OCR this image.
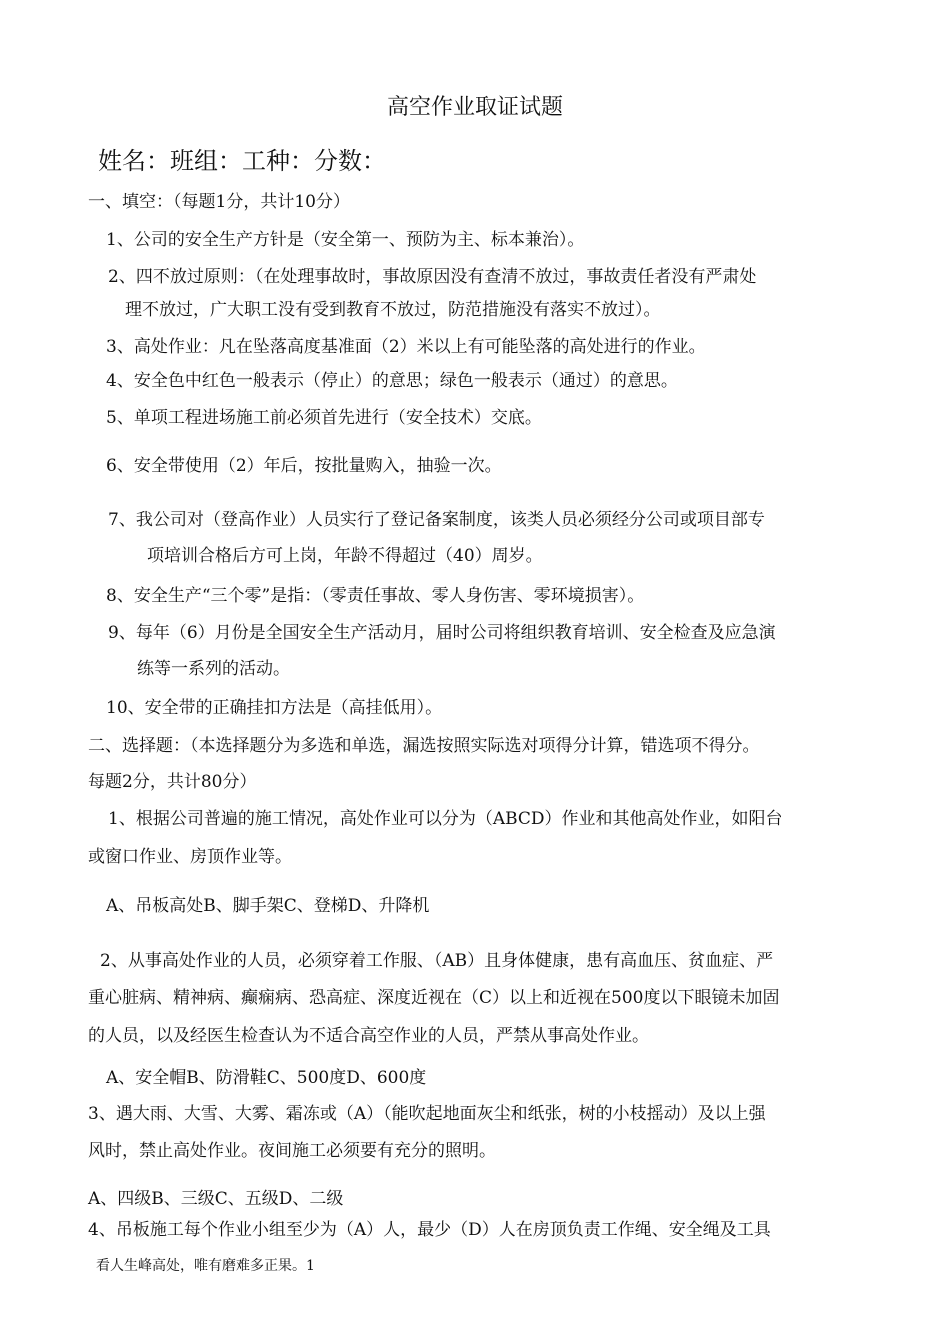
高空作业取证试题
姓名：班组：工种：分数：
一、填空：（每题1分，共计10分）
1、公司的安全生产方针是（安全第一、预防为主、标本兼治）。
2、四不放过原则：（在处理事故时，事故原因没有查清不放过，事故责任者没有严肃处
理不放过，广大职工没有受到教育不放过，防范措施没有落实不放过）。
3、高处作业：凡在坠落高度基准面（2）米以上有可能坠落的高处进行的作业。
4、安全色中红色一般表示（停止）的意思；绿色一般表示（通过）的意思。
5、单项工程进场施工前必须首先进行（安全技术）交底。
6、安全带使用（2）年后，按批量购入，抽验一次。
7、我公司对（登高作业）人员实行了登记备案制度，该类人员必须经分公司或项目部专
项培训合格后方可上岗，年龄不得超过（40）周岁。
8、安全生产“三个零”是指：（零责任事故、零人身伤害、零环境损害）。
9、每年（6）月份是全国安全生产活动月，届时公司将组织教育培训、安全检查及应急演
练等一系列的活动。
10、安全带的正确挂扣方法是（高挂低用）。
二、选择题：（本选择题分为多选和单选，漏选按照实际选对项得分计算，错选项不得分。
每题2分，共计80分）
1、根据公司普遍的施工情况，高处作业可以分为（ABCD）作业和其他高处作业，如阳台
或窗口作业、房顶作业等。
A、吊板高处B、脚手架C、登梯D、升降机
2、从事高处作业的人员，必须穿着工作服、（AB）且身体健康，患有高血压、贫血症、严
重心脏病、精神病、癫痫病、恐高症、深度近视在（C）以上和近视在500度以下眼镜未加固
的人员，以及经医生检查认为不适合高空作业的人员，严禁从事高处作业。
A、安全帽B、防滑鞋C、500度D、600度
3、遇大雨、大雪、大雾、霜冻或（A）（能吹起地面灰尘和纸张，树的小枝摇动）及以上强
风时，禁止高处作业。夜间施工必须要有充分的照明。
A、四级B、三级C、五级D、二级
4、吊板施工每个作业小组至少为（A）人，最少（D）人在房顶负责工作绳、安全绳及工具
看人生峰高处，唯有磨难多正果。1
